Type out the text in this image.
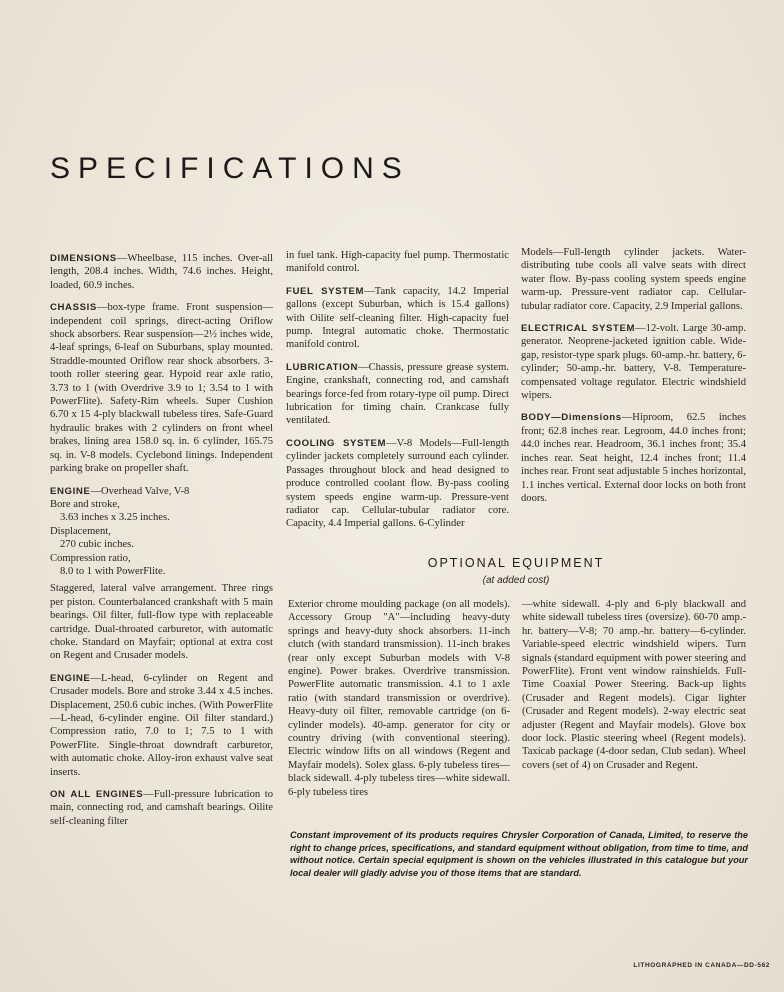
SPECIFICATIONS

DIMENSIONS—Wheelbase, 115 inches. Over-all length, 208.4 inches. Width, 74.6 inches. Height, loaded, 60.9 inches.

CHASSIS—box-type frame. Front suspension—independent coil springs, direct-acting Oriflow shock absorbers. Rear suspension—2½ inches wide, 4-leaf springs, 6-leaf on Suburbans, splay mounted. Straddle-mounted Oriflow rear shock absorbers. 3-tooth roller steering gear. Hypoid rear axle ratio, 3.73 to 1 (with Overdrive 3.9 to 1; 3.54 to 1 with PowerFlite). Safety-Rim wheels. Super Cushion 6.70 x 15 4-ply blackwall tubeless tires. Safe-Guard hydraulic brakes with 2 cylinders on front wheel brakes, lining area 158.0 sq. in. 6 cylinder, 165.75 sq. in. V-8 models. Cyclebond linings. Independent parking brake on propeller shaft.

ENGINE—Overhead Valve, V-8
Bore and stroke,
3.63 inches x 3.25 inches.
Displacement,
270 cubic inches.
Compression ratio,
8.0 to 1 with PowerFlite.

Staggered, lateral valve arrangement. Three rings per piston. Counterbalanced crankshaft with 5 main bearings. Oil filter, full-flow type with replaceable cartridge. Dual-throated carburetor, with automatic choke. Standard on Mayfair; optional at extra cost on Regent and Crusader models.

ENGINE—L-head, 6-cylinder on Regent and Crusader models. Bore and stroke 3.44 x 4.5 inches. Displacement, 250.6 cubic inches. (With PowerFlite—L-head, 6-cylinder engine. Oil filter standard.) Compression ratio, 7.0 to 1; 7.5 to 1 with PowerFlite. Single-throat downdraft carburetor, with automatic choke. Alloy-iron exhaust valve seat inserts.

ON ALL ENGINES—Full-pressure lubrication to main, connecting rod, and camshaft bearings. Oilite self-cleaning filter

in fuel tank. High-capacity fuel pump. Thermostatic manifold control.

FUEL SYSTEM—Tank capacity, 14.2 Imperial gallons (except Suburban, which is 15.4 gallons) with Oilite self-cleaning filter. High-capacity fuel pump. Integral automatic choke. Thermostatic manifold control.

LUBRICATION—Chassis, pressure grease system. Engine, crankshaft, connecting rod, and camshaft bearings force-fed from rotary-type oil pump. Direct lubrication for timing chain. Crankcase fully ventilated.

COOLING SYSTEM—V-8 Models—Full-length cylinder jackets completely surround each cylinder. Passages throughout block and head designed to produce controlled coolant flow. By-pass cooling system speeds engine warm-up. Pressure-vent radiator cap. Cellular-tubular radiator core. Capacity, 4.4 Imperial gallons. 6-Cylinder

Models—Full-length cylinder jackets. Water-distributing tube cools all valve seats with direct water flow. By-pass cooling system speeds engine warm-up. Pressure-vent radiator cap. Cellular-tubular radiator core. Capacity, 2.9 Imperial gallons.

ELECTRICAL SYSTEM—12-volt. Large 30-amp. generator. Neoprene-jacketed ignition cable. Wide-gap, resistor-type spark plugs. 60-amp.-hr. battery, 6-cylinder; 50-amp.-hr. battery, V-8. Temperature-compensated voltage regulator. Electric windshield wipers.

BODY—Dimensions—Hiproom, 62.5 inches front; 62.8 inches rear. Legroom, 44.0 inches front; 44.0 inches rear. Headroom, 36.1 inches front; 35.4 inches rear. Seat height, 12.4 inches front; 11.4 inches rear. Front seat adjustable 5 inches horizontal, 1.1 inches vertical. External door locks on both front doors.

OPTIONAL EQUIPMENT
(at added cost)

Exterior chrome moulding package (on all models). Accessory Group "A"—including heavy-duty springs and heavy-duty shock absorbers. 11-inch clutch (with standard transmission). 11-inch brakes (rear only except Suburban models with V-8 engine). Power brakes. Overdrive transmission. PowerFlite automatic transmission. 4.1 to 1 axle ratio (with standard transmission or overdrive). Heavy-duty oil filter, removable cartridge (on 6-cylinder models). 40-amp. generator for city or country driving (with conventional steering). Electric window lifts on all windows (Regent and Mayfair models). Solex glass. 6-ply tubeless tires—black sidewall. 4-ply tubeless tires—white sidewall. 6-ply tubeless tires

—white sidewall. 4-ply and 6-ply blackwall and white sidewall tubeless tires (oversize). 60-70 amp.-hr. battery—V-8; 70 amp.-hr. battery—6-cylinder. Variable-speed electric windshield wipers. Turn signals (standard equipment with power steering and PowerFlite). Front vent window rainshields. Full-Time Coaxial Power Steering. Back-up lights (Crusader and Regent models). Cigar lighter (Crusader and Regent models). 2-way electric seat adjuster (Regent and Mayfair models). Glove box door lock. Plastic steering wheel (Regent models). Taxicab package (4-door sedan, Club sedan). Wheel covers (set of 4) on Crusader and Regent.

Constant improvement of its products requires Chrysler Corporation of Canada, Limited, to reserve the right to change prices, specifications, and standard equipment without obligation, from time to time, and without notice. Certain special equipment is shown on the vehicles illustrated in this catalogue but your local dealer will gladly advise you of those items that are standard.
LITHOGRAPHED IN CANADA—DD-562
